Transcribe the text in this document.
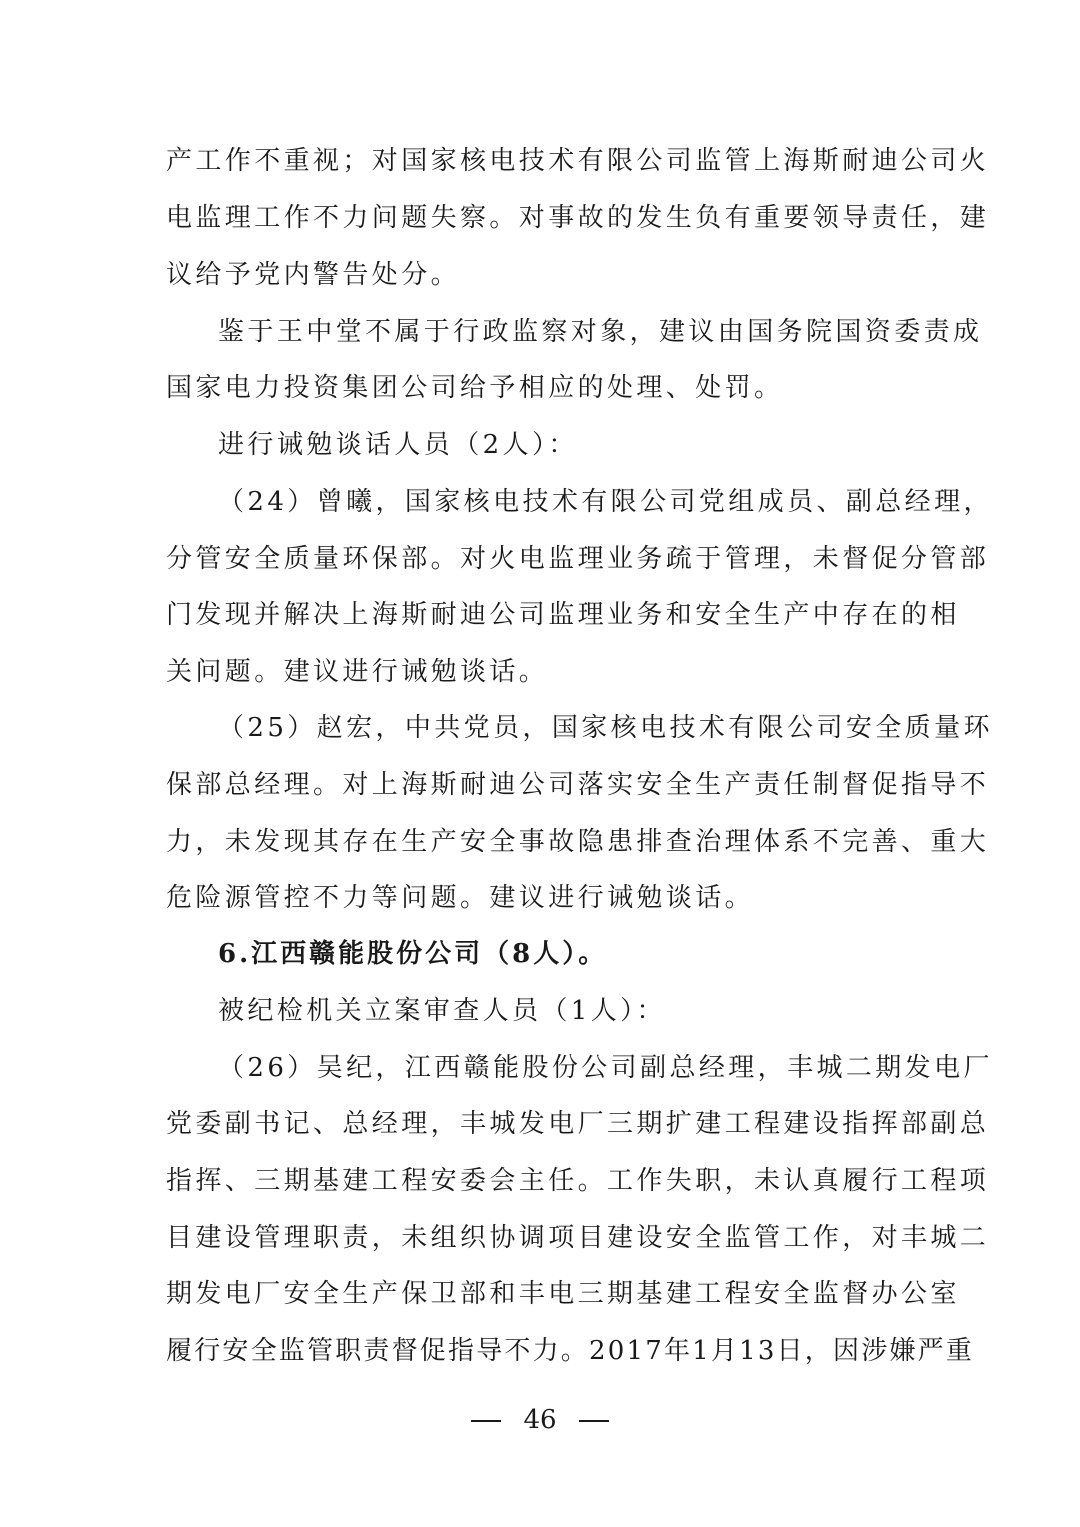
产工作不重视；对国家核电技术有限公司监管上海斯耐迪公司火
电监理工作不力问题失察。对事故的发生负有重要领导责任，建
议给予党内警告处分。
鉴于王中堂不属于行政监察对象，建议由国务院国资委责成
国家电力投资集团公司给予相应的处理、处罚。
进行诫勉谈话人员（2人）：
（24）曾曦，国家核电技术有限公司党组成员、副总经理，
分管安全质量环保部。对火电监理业务疏于管理，未督促分管部
门发现并解决上海斯耐迪公司监理业务和安全生产中存在的相
关问题。建议进行诫勉谈话。
（25）赵宏，中共党员，国家核电技术有限公司安全质量环
保部总经理。对上海斯耐迪公司落实安全生产责任制督促指导不
力，未发现其存在生产安全事故隐患排查治理体系不完善、重大
危险源管控不力等问题。建议进行诫勉谈话。
6.江西赣能股份公司（8人）。
被纪检机关立案审查人员（1人）：
（26）吴纪，江西赣能股份公司副总经理，丰城二期发电厂
党委副书记、总经理，丰城发电厂三期扩建工程建设指挥部副总
指挥、三期基建工程安委会主任。工作失职，未认真履行工程项
目建设管理职责，未组织协调项目建设安全监管工作，对丰城二
期发电厂安全生产保卫部和丰电三期基建工程安全监督办公室
履行安全监管职责督促指导不力。2017年1月13日，因涉嫌严重
46
